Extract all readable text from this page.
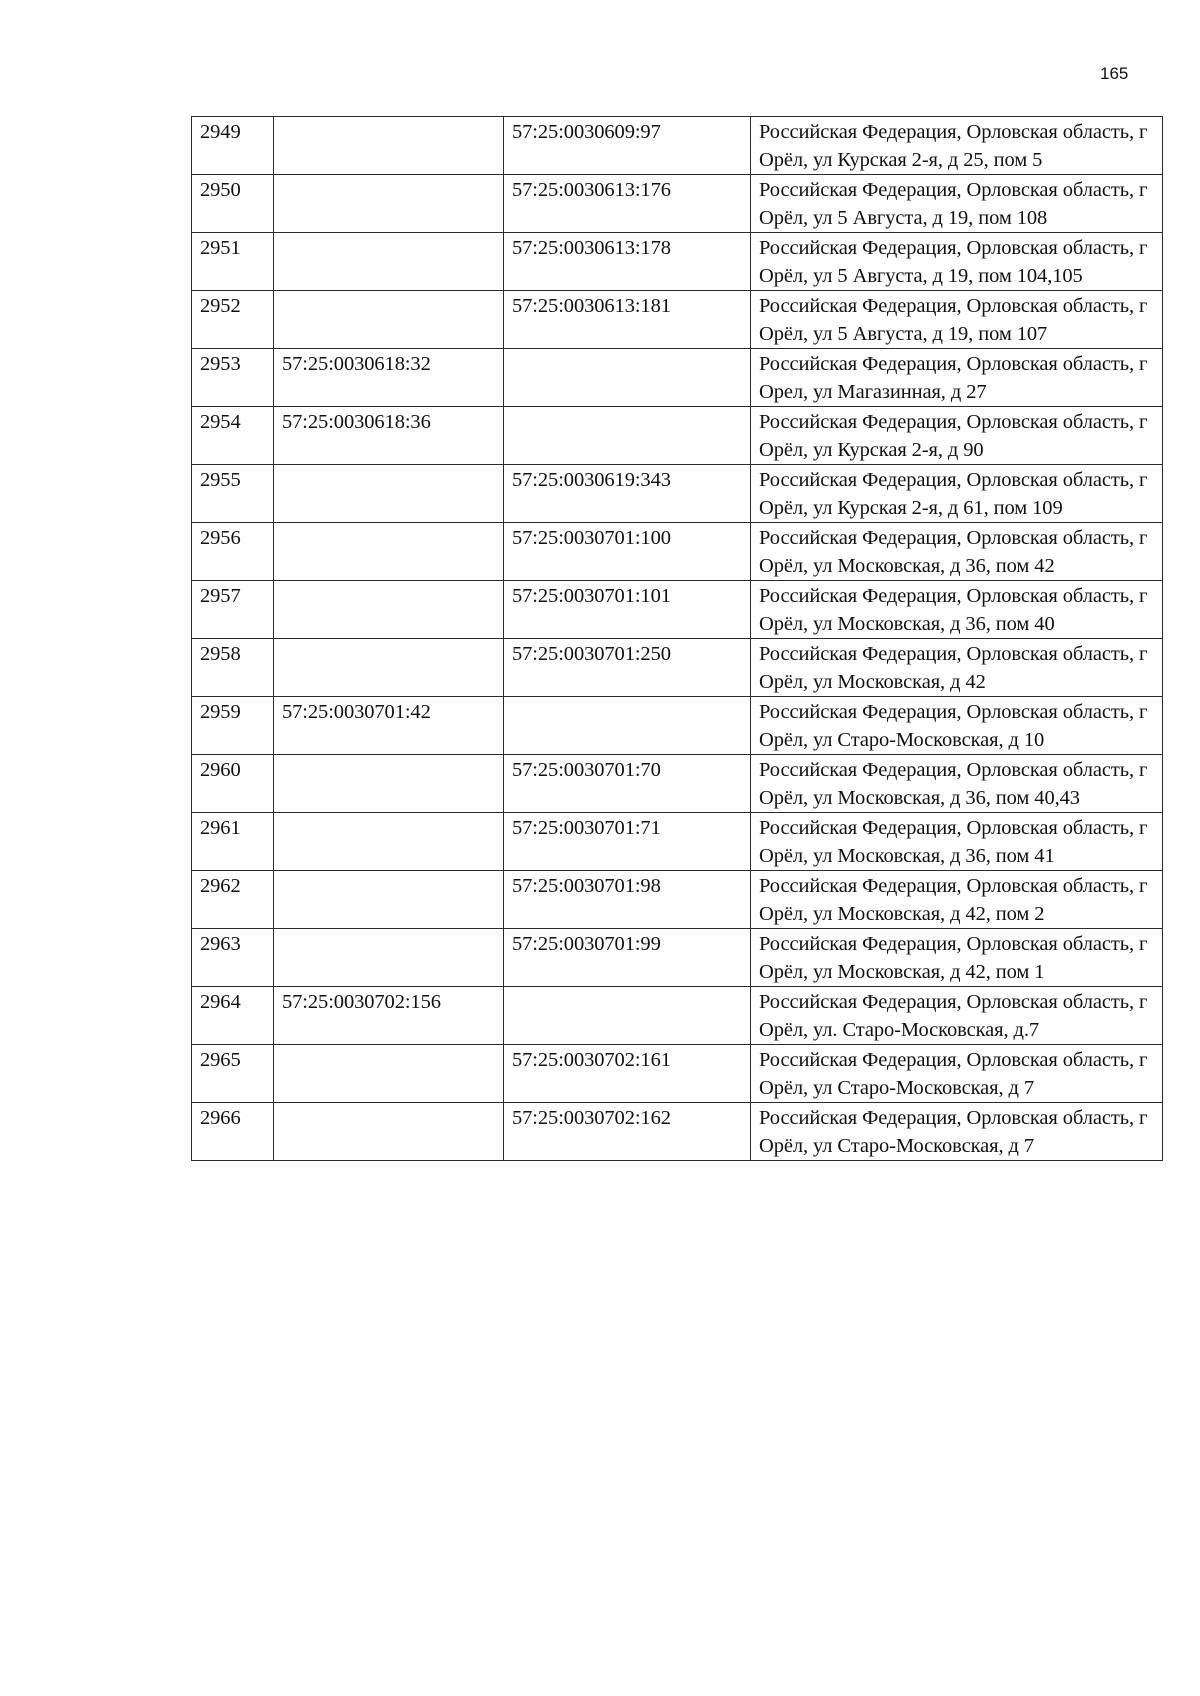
165
2949		57:25:0030609:97	Российская Федерация, Орловская область, г Орёл, ул Курская 2-я, д 25, пом 5
2950		57:25:0030613:176	Российская Федерация, Орловская область, г Орёл, ул 5 Августа, д 19, пом 108
2951		57:25:0030613:178	Российская Федерация, Орловская область, г Орёл, ул 5 Августа, д 19, пом 104,105
2952		57:25:0030613:181	Российская Федерация, Орловская область, г Орёл, ул 5 Августа, д 19, пом 107
2953	57:25:0030618:32		Российская Федерация, Орловская область, г Орел, ул Магазинная, д 27
2954	57:25:0030618:36		Российская Федерация, Орловская область, г Орёл, ул Курская 2-я, д 90
2955		57:25:0030619:343	Российская Федерация, Орловская область, г Орёл, ул Курская 2-я, д 61, пом 109
2956		57:25:0030701:100	Российская Федерация, Орловская область, г Орёл, ул Московская, д 36, пом 42
2957		57:25:0030701:101	Российская Федерация, Орловская область, г Орёл, ул Московская, д 36, пом 40
2958		57:25:0030701:250	Российская Федерация, Орловская область, г Орёл, ул Московская, д 42
2959	57:25:0030701:42		Российская Федерация, Орловская область, г Орёл, ул Старо-Московская, д 10
2960		57:25:0030701:70	Российская Федерация, Орловская область, г Орёл, ул Московская, д 36, пом 40,43
2961		57:25:0030701:71	Российская Федерация, Орловская область, г Орёл, ул Московская, д 36, пом 41
2962		57:25:0030701:98	Российская Федерация, Орловская область, г Орёл, ул Московская, д 42, пом 2
2963		57:25:0030701:99	Российская Федерация, Орловская область, г Орёл, ул Московская, д 42, пом 1
2964	57:25:0030702:156		Российская Федерация, Орловская область, г Орёл, ул. Старо-Московская, д.7
2965		57:25:0030702:161	Российская Федерация, Орловская область, г Орёл, ул Старо-Московская, д 7
2966		57:25:0030702:162	Российская Федерация, Орловская область, г Орёл, ул Старо-Московская, д 7
